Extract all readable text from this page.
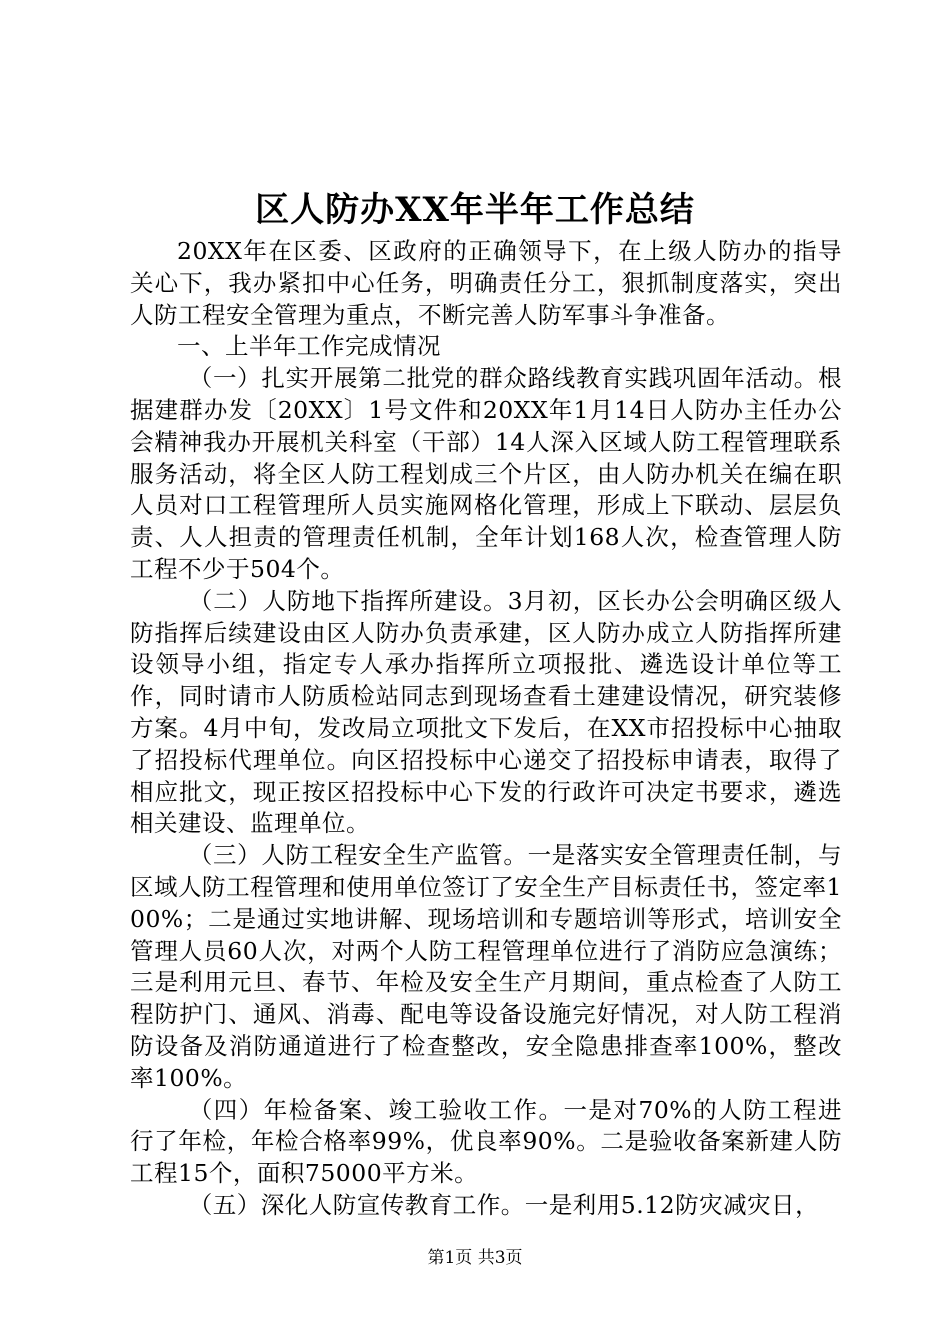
区人防办XX年半年工作总结

20XX年在区委、区政府的正确领导下，在上级人防办的指导关心下，我办紧扣中心任务，明确责任分工，狠抓制度落实，突出人防工程安全管理为重点，不断完善人防军事斗争准备。

一、上半年工作完成情况

（一）扎实开展第二批党的群众路线教育实践巩固年活动。根据建群办发〔20XX〕1号文件和20XX年1月14日人防办主任办公会精神我办开展机关科室（干部）14人深入区域人防工程管理联系服务活动，将全区人防工程划成三个片区，由人防办机关在编在职人员对口工程管理所人员实施网格化管理，形成上下联动、层层负责、人人担责的管理责任机制，全年计划168人次，检查管理人防工程不少于504个。

（二）人防地下指挥所建设。3月初，区长办公会明确区级人防指挥后续建设由区人防办负责承建，区人防办成立人防指挥所建设领导小组，指定专人承办指挥所立项报批、遴选设计单位等工作，同时请市人防质检站同志到现场查看土建建设情况，研究装修方案。4月中旬，发改局立项批文下发后，在XX市招投标中心抽取了招投标代理单位。向区招投标中心递交了招投标申请表，取得了相应批文，现正按区招投标中心下发的行政许可决定书要求，遴选相关建设、监理单位。

（三）人防工程安全生产监管。一是落实安全管理责任制，与区域人防工程管理和使用单位签订了安全生产目标责任书，签定率100%；二是通过实地讲解、现场培训和专题培训等形式，培训安全管理人员60人次，对两个人防工程管理单位进行了消防应急演练；三是利用元旦、春节、年检及安全生产月期间，重点检查了人防工程防护门、通风、消毒、配电等设备设施完好情况，对人防工程消防设备及消防通道进行了检查整改，安全隐患排查率100%，整改率100%。

（四）年检备案、竣工验收工作。一是对70%的人防工程进行了年检，年检合格率99%，优良率90%。二是验收备案新建人防工程15个，面积75000平方米。

（五）深化人防宣传教育工作。一是利用5.12防灾减灾日，

第1页 共3页
